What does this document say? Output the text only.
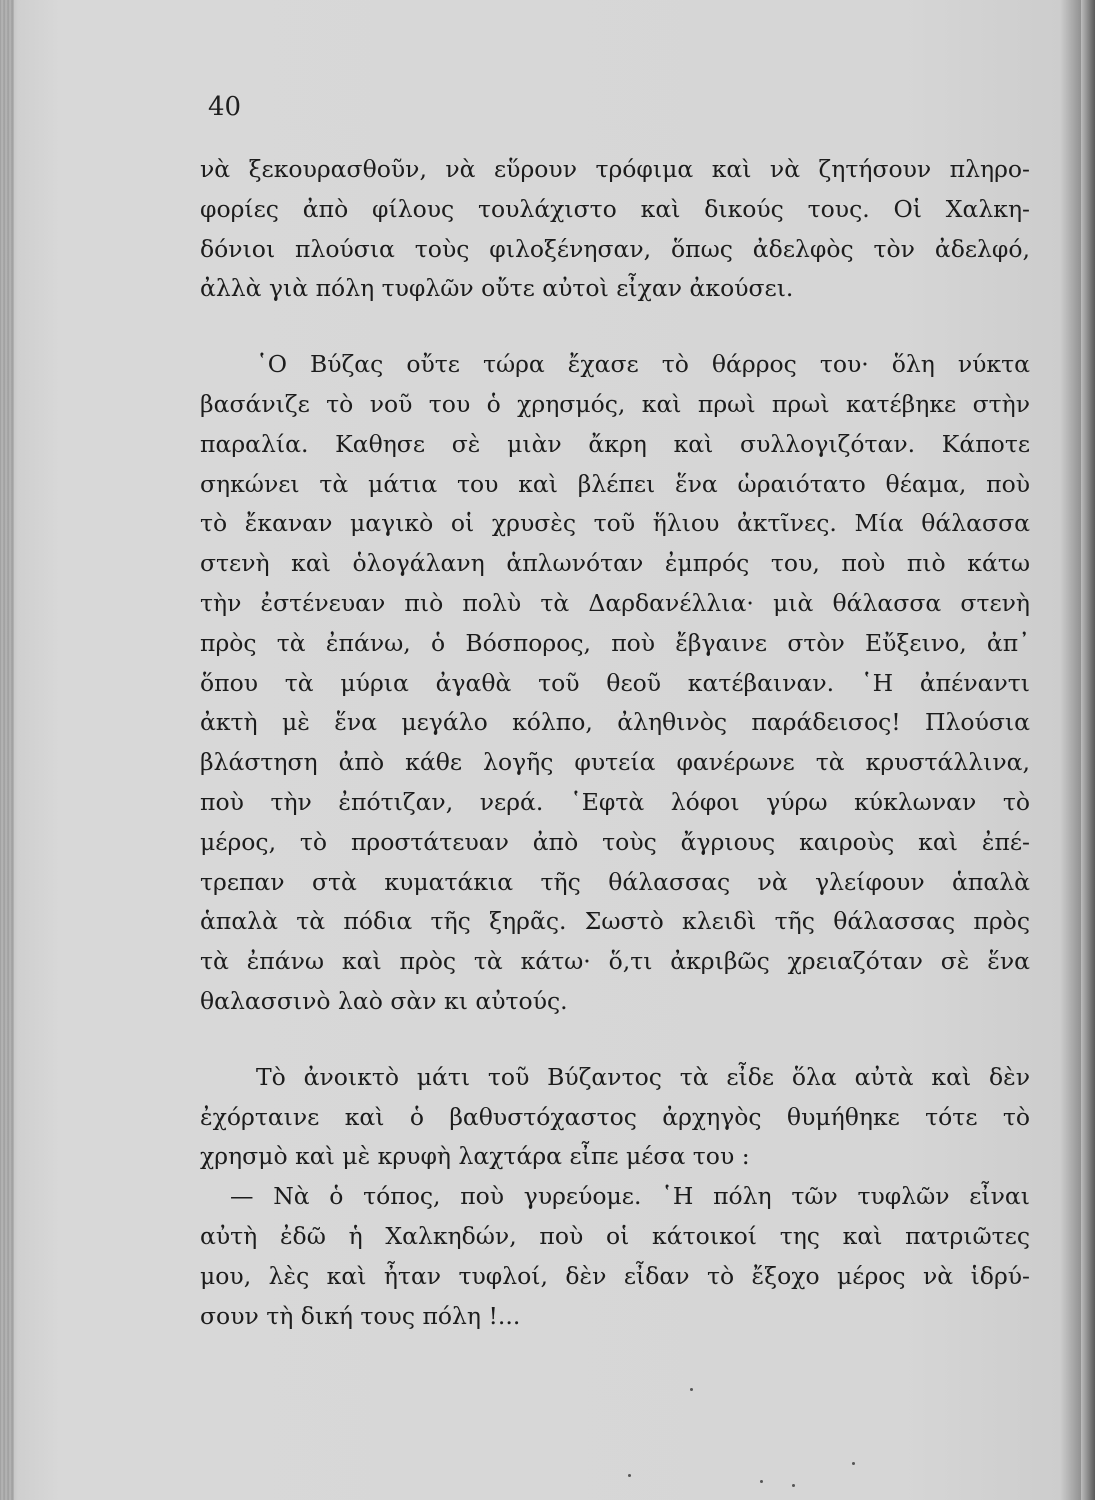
40

νὰ ξεκουρασθοῦν, νὰ εὕρουν τρόφιμα καὶ νὰ ζητήσουν πληρο-
φορίες ἀπὸ φίλους τουλάχιστο καὶ δικούς τους. Οἱ Χαλκη-
δόνιοι πλούσια τοὺς φιλοξένησαν, ὅπως ἀδελφὸς τὸν ἀδελφό,
ἀλλὰ γιὰ πόλη τυφλῶν οὔτε αὐτοὶ εἶχαν ἀκούσει.

῾Ο Βύζας οὔτε τώρα ἔχασε τὸ θάρρος του· ὅλη νύκτα
βασάνιζε τὸ νοῦ του ὁ χρησμός, καὶ πρωὶ πρωὶ κατέβηκε στὴν
παραλία. Καθησε σὲ μιὰν ἄκρη καὶ συλλογιζόταν. Κάποτε
σηκώνει τὰ μάτια του καὶ βλέπει ἕνα ὡραιότατο θέαμα, ποὺ
τὸ ἔκαναν μαγικὸ οἱ χρυσὲς τοῦ ἥλιου ἀκτῖνες. Μία θάλασσα
στενὴ καὶ ὁλογάλανη ἁπλωνόταν ἐμπρός του, ποὺ πιὸ κάτω
τὴν ἐστένευαν πιὸ πολὺ τὰ Δαρδανέλλια· μιὰ θάλασσα στενὴ
πρὸς τὰ ἐπάνω, ὁ Βόσπορος, ποὺ ἔβγαινε στὸν Εὔξεινο, ἀπ᾽
ὅπου τὰ μύρια ἀγαθὰ τοῦ θεοῦ κατέβαιναν. ῾Η ἀπέναντι
ἀκτὴ μὲ ἕνα μεγάλο κόλπο, ἀληθινὸς παράδεισος! Πλούσια
βλάστηση ἀπὸ κάθε λογῆς φυτεία φανέρωνε τὰ κρυστάλλινα,
ποὺ τὴν ἐπότιζαν, νερά. ῾Εφτὰ λόφοι γύρω κύκλωναν τὸ
μέρος, τὸ προστάτευαν ἀπὸ τοὺς ἄγριους καιροὺς καὶ ἐπέ-
τρεπαν στὰ κυματάκια τῆς θάλασσας νὰ γλείφουν ἁπαλὰ
ἁπαλὰ τὰ πόδια τῆς ξηρᾶς. Σωστὸ κλειδὶ τῆς θάλασσας πρὸς
τὰ ἐπάνω καὶ πρὸς τὰ κάτω· ὅ,τι ἀκριβῶς χρειαζόταν σὲ ἕνα
θαλασσινὸ λαὸ σὰν κι αὐτούς.

Τὸ ἀνοικτὸ μάτι τοῦ Βύζαντος τὰ εἶδε ὅλα αὐτὰ καὶ δὲν
ἐχόρταινε καὶ ὁ βαθυστόχαστος ἀρχηγὸς θυμήθηκε τότε τὸ
χρησμὸ καὶ μὲ κρυφὴ λαχτάρα εἶπε μέσα του :

— Νὰ ὁ τόπος, ποὺ γυρεύομε. ῾Η πόλη τῶν τυφλῶν εἶναι
αὐτὴ ἐδῶ ἡ Χαλκηδών, ποὺ οἱ κάτοικοί της καὶ πατριῶτες
μου, λὲς καὶ ἦταν τυφλοί, δὲν εἶδαν τὸ ἔξοχο μέρος νὰ ἱδρύ-
σουν τὴ δική τους πόλη !...
